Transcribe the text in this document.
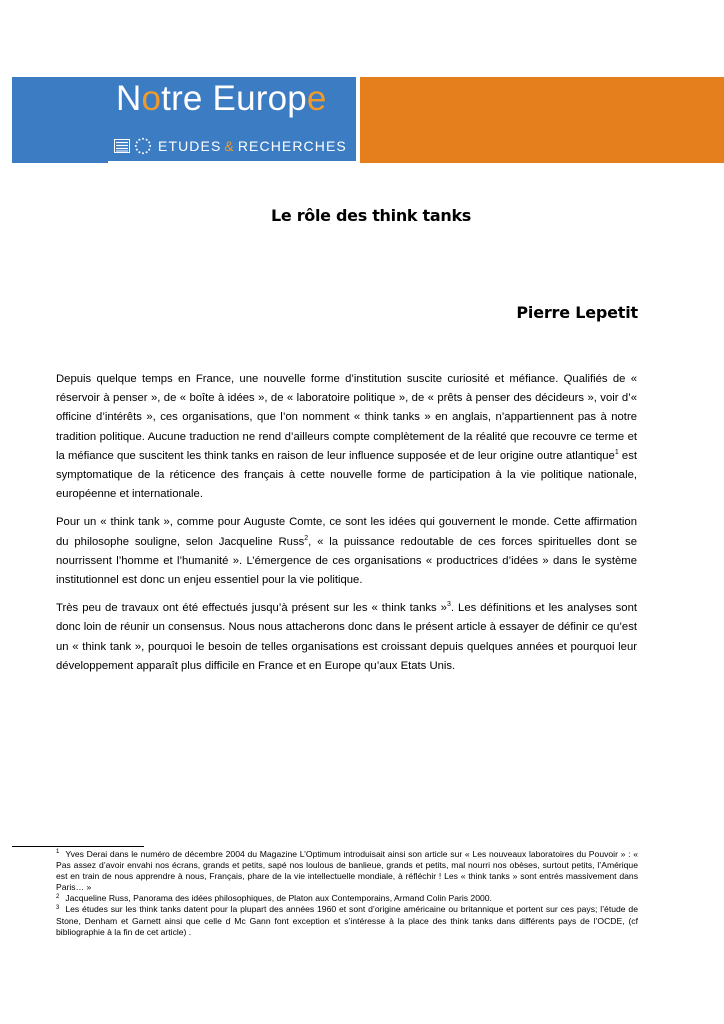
Notre Europe
ETUDES & RECHERCHES
Le rôle des think tanks
Pierre Lepetit

Depuis quelque temps en France, une nouvelle forme d’institution suscite curiosité et méfiance. Qualifiés de « réservoir à penser », de « boîte à idées », de « laboratoire politique », de « prêts à penser des décideurs », voir d’« officine d’intérêts », ces organisations, que l’on nomment « think tanks » en anglais, n’appartiennent pas à notre tradition politique. Aucune traduction ne rend d’ailleurs compte complètement de la réalité que recouvre ce terme et la méfiance que suscitent les think tanks en raison de leur influence supposée et de leur origine outre atlantique$^1$ est symptomatique de la réticence des français à cette nouvelle forme de participation à la vie politique nationale, européenne et internationale.

Pour un « think tank », comme pour Auguste Comte, ce sont les idées qui gouvernent le monde. Cette affirmation du philosophe souligne, selon Jacqueline Russ$^2$, « la puissance redoutable de ces forces spirituelles dont se nourrissent l’homme et l’humanité ». L’émergence de ces organisations « productrices d’idées » dans le système institutionnel est donc un enjeu essentiel pour la vie politique.

Très peu de travaux ont été effectués jusqu’à présent sur les « think tanks »$^3$. Les définitions et les analyses sont donc loin de réunir un consensus. Nous nous attacherons donc dans le présent article à essayer de définir ce qu’est un « think tank », pourquoi le besoin de telles organisations est croissant depuis quelques années et pourquoi leur développement apparaît plus difficile en France et en Europe qu’aux Etats Unis.

$^1$ Yves Derai dans le numéro de décembre 2004 du Magazine L’Optimum introduisait ainsi son article sur « Les nouveaux laboratoires du Pouvoir » : « Pas assez d’avoir envahi nos écrans, grands et petits, sapé nos loulous de banlieue, grands et petits, mal nourri nos obèses, surtout petits, l’Amérique est en train de nous apprendre à nous, Français, phare de la vie intellectuelle mondiale, à réfléchir ! Les « think tanks » sont entrés massivement dans Paris… »

$^2$ Jacqueline Russ, Panorama des idées philosophiques, de Platon aux Contemporains, Armand Colin Paris 2000.

$^3$ Les études sur les think tanks datent pour la plupart des années 1960 et sont d’origine américaine ou britannique et portent sur ces pays; l’étude de Stone, Denham et Garnett ainsi que celle d Mc Gann font exception et s’intéresse à la place des think tanks dans différents pays de l’OCDE, (cf bibliographie à la fin de cet article) .
